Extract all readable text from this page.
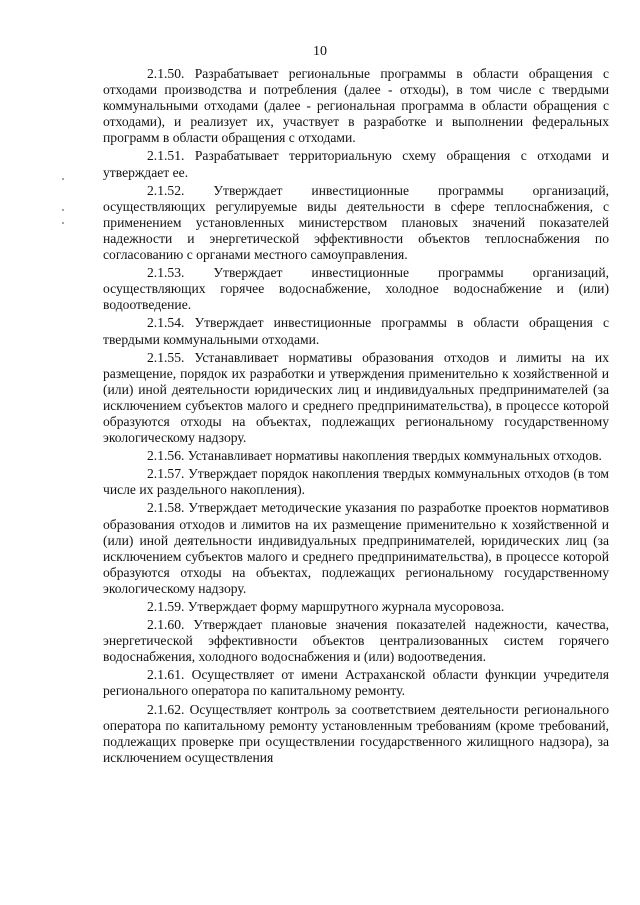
10

2.1.50. Разрабатывает региональные программы в области обращения с отходами производства и потребления (далее - отходы), в том числе с твердыми коммунальными отходами (далее - региональная программа в области обращения с отходами), и реализует их, участвует в разработке и выполнении федеральных программ в области обращения с отходами.

2.1.51. Разрабатывает территориальную схему обращения с отходами и утверждает ее.

2.1.52. Утверждает инвестиционные программы организаций, осуществляющих регулируемые виды деятельности в сфере теплоснабжения, с применением установленных министерством плановых значений показателей надежности и энергетической эффективности объектов теплоснабжения по согласованию с органами местного самоуправления.

2.1.53. Утверждает инвестиционные программы организаций, осуществляющих горячее водоснабжение, холодное водоснабжение и (или) водоотведение.

2.1.54. Утверждает инвестиционные программы в области обращения с твердыми коммунальными отходами.

2.1.55. Устанавливает нормативы образования отходов и лимиты на их размещение, порядок их разработки и утверждения применительно к хозяйственной и (или) иной деятельности юридических лиц и индивидуальных предпринимателей (за исключением субъектов малого и среднего предпринимательства), в процессе которой образуются отходы на объектах, подлежащих региональному государственному экологическому надзору.

2.1.56. Устанавливает нормативы накопления твердых коммунальных отходов.

2.1.57. Утверждает порядок накопления твердых коммунальных отходов (в том числе их раздельного накопления).

2.1.58. Утверждает методические указания по разработке проектов нормативов образования отходов и лимитов на их размещение применительно к хозяйственной и (или) иной деятельности индивидуальных предпринимателей, юридических лиц (за исключением субъектов малого и среднего предпринимательства), в процессе которой образуются отходы на объектах, подлежащих региональному государственному экологическому надзору.

2.1.59. Утверждает форму маршрутного журнала мусоровоза.

2.1.60. Утверждает плановые значения показателей надежности, качества, энергетической эффективности объектов централизованных систем горячего водоснабжения, холодного водоснабжения и (или) водоотведения.

2.1.61. Осуществляет от имени Астраханской области функции учредителя регионального оператора по капитальному ремонту.

2.1.62. Осуществляет контроль за соответствием деятельности регионального оператора по капитальному ремонту установленным требованиям (кроме требований, подлежащих проверке при осуществлении государственного жилищного надзора), за исключением осуществления
